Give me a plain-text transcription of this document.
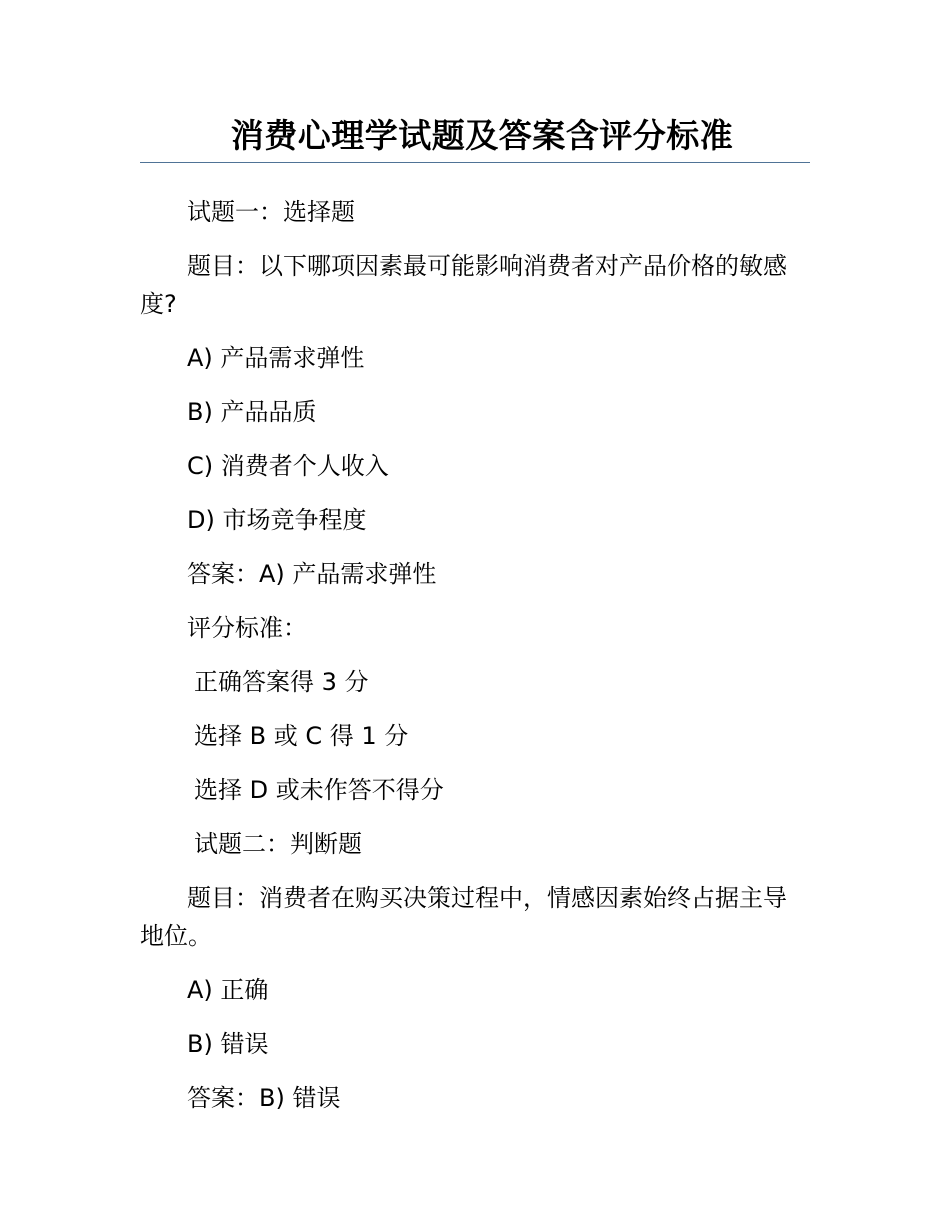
消费心理学试题及答案含评分标准

试题一：选择题

题目：以下哪项因素最可能影响消费者对产品价格的敏感度?

A) 产品需求弹性

B) 产品品质

C) 消费者个人收入

D) 市场竞争程度

答案：A) 产品需求弹性

评分标准：

正确答案得 3 分

选择 B 或 C 得 1 分

选择 D 或未作答不得分

试题二：判断题

题目：消费者在购买决策过程中，情感因素始终占据主导地位。

A) 正确

B) 错误

答案：B) 错误
